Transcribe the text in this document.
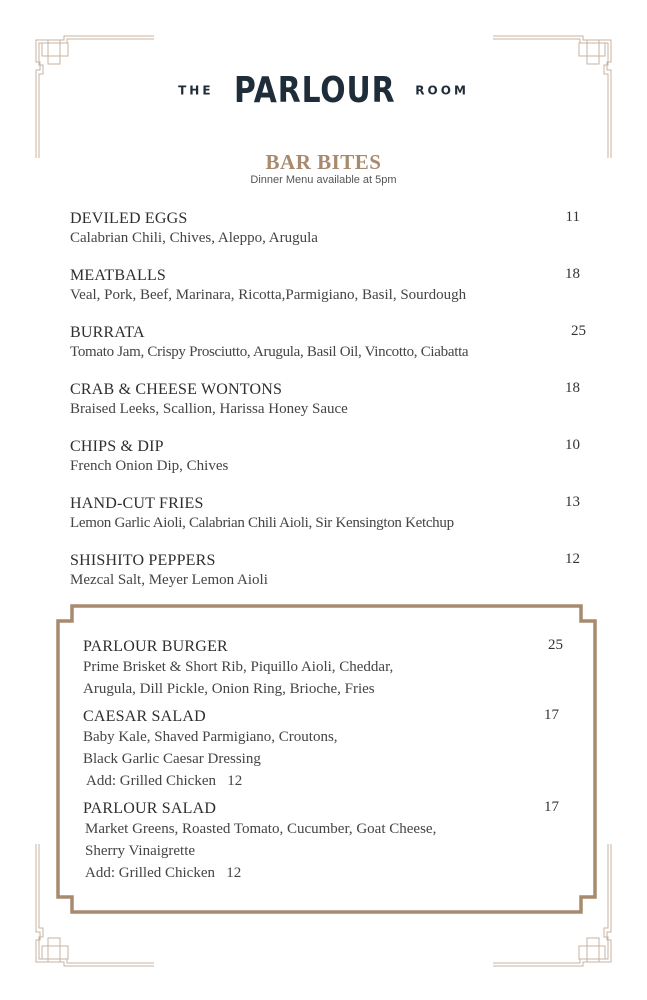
THE PARLOUR ROOM
BAR BITES
Dinner Menu available at 5pm
DEVILED EGGS
Calabrian Chili, Chives, Aleppo, Arugula
11
MEATBALLS
Veal, Pork, Beef, Marinara, Ricotta,Parmigiano, Basil, Sourdough
18
BURRATA
Tomato Jam, Crispy Prosciutto, Arugula, Basil Oil, Vincotto, Ciabatta
25
CRAB & CHEESE WONTONS
Braised Leeks, Scallion, Harissa Honey Sauce
18
CHIPS & DIP
French Onion Dip, Chives
10
HAND-CUT FRIES
Lemon Garlic Aioli, Calabrian Chili Aioli, Sir Kensington Ketchup
13
SHISHITO PEPPERS
Mezcal Salt, Meyer Lemon Aioli
12
PARLOUR BURGER
Prime Brisket & Short Rib, Piquillo Aioli, Cheddar,
Arugula, Dill Pickle, Onion Ring, Brioche, Fries
25
CAESAR SALAD
Baby Kale, Shaved Parmigiano, Croutons,
Black Garlic Caesar Dressing
Add: Grilled Chicken   12
17
PARLOUR SALAD
Market Greens, Roasted Tomato, Cucumber, Goat Cheese,
Sherry Vinaigrette
Add: Grilled Chicken   12
17
